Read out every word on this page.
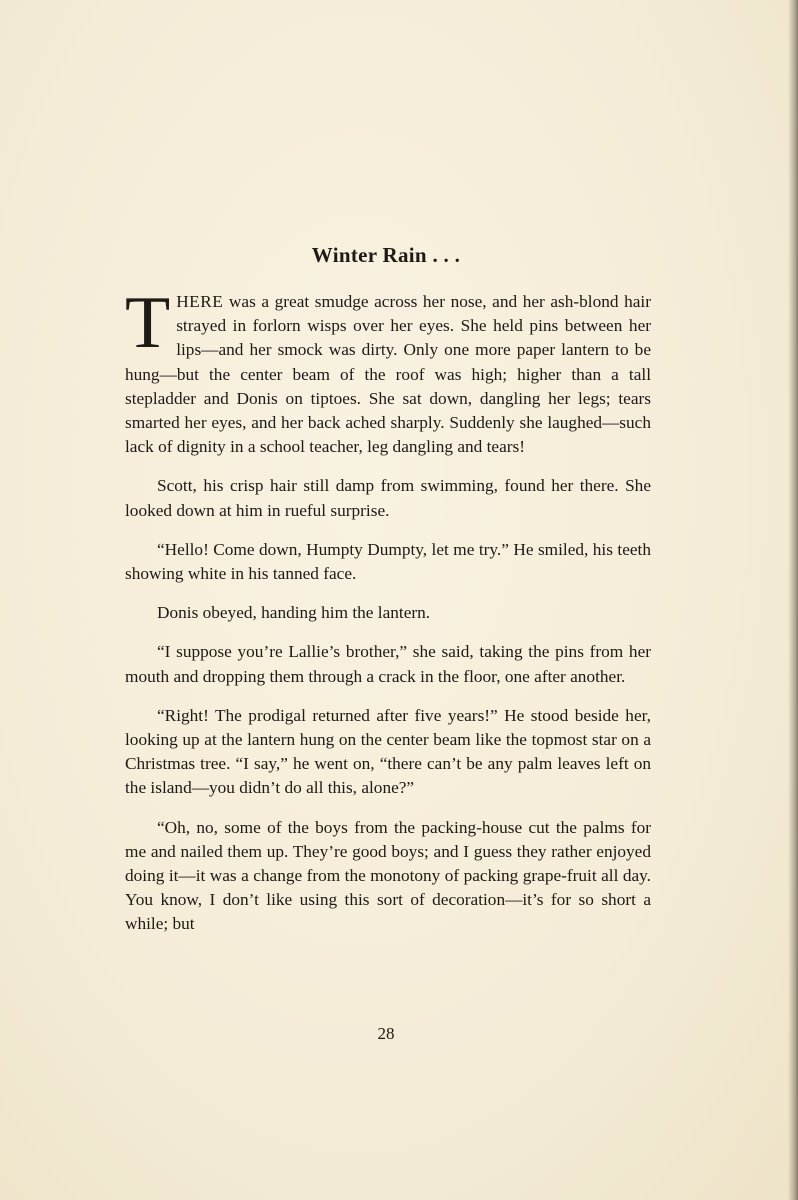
Winter Rain . . .

THERE was a great smudge across her nose, and her ash-blond hair strayed in forlorn wisps over her eyes. She held pins between her lips—and her smock was dirty. Only one more paper lantern to be hung—but the center beam of the roof was high; higher than a tall stepladder and Donis on tiptoes. She sat down, dangling her legs; tears smarted her eyes, and her back ached sharply. Suddenly she laughed—such lack of dignity in a school teacher, leg dangling and tears!

Scott, his crisp hair still damp from swimming, found her there. She looked down at him in rueful surprise.

“Hello! Come down, Humpty Dumpty, let me try.” He smiled, his teeth showing white in his tanned face.

Donis obeyed, handing him the lantern.

“I suppose you’re Lallie’s brother,” she said, taking the pins from her mouth and dropping them through a crack in the floor, one after another.

“Right! The prodigal returned after five years!” He stood beside her, looking up at the lantern hung on the center beam like the topmost star on a Christmas tree. “I say,” he went on, “there can’t be any palm leaves left on the island—you didn’t do all this, alone?”

“Oh, no, some of the boys from the packing-house cut the palms for me and nailed them up. They’re good boys; and I guess they rather enjoyed doing it—it was a change from the monotony of packing grape-fruit all day. You know, I don’t like using this sort of decoration—it’s for so short a while; but

28
